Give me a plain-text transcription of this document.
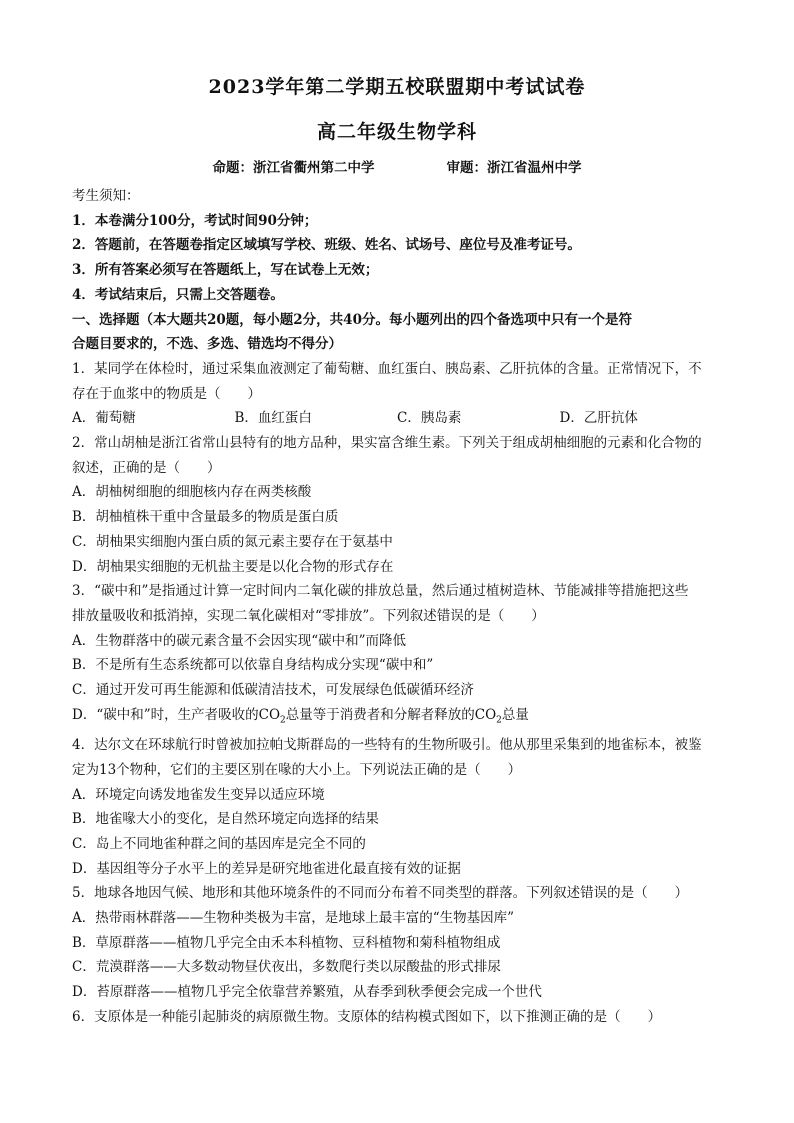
2023学年第二学期五校联盟期中考试试卷
高二年级生物学科
命题：浙江省衢州第二中学	审题：浙江省温州中学
考生须知：
1．本卷满分100分，考试时间90分钟；
2．答题前，在答题卷指定区域填写学校、班级、姓名、试场号、座位号及准考证号。
3．所有答案必须写在答题纸上，写在试卷上无效；
4．考试结束后，只需上交答题卷。
一、选择题（本大题共20题，每小题2分，共40分。每小题列出的四个备选项中只有一个是符
合题目要求的，不选、多选、错选均不得分）
1．某同学在体检时，通过采集血液测定了葡萄糖、血红蛋白、胰岛素、乙肝抗体的含量。正常情况下，不
存在于血浆中的物质是（　　）
A．葡萄糖	B．血红蛋白	C．胰岛素	D．乙肝抗体
2．常山胡柚是浙江省常山县特有的地方品种，果实富含维生素。下列关于组成胡柚细胞的元素和化合物的
叙述，正确的是（　　）
A．胡柚树细胞的细胞核内存在两类核酸
B．胡柚植株干重中含量最多的物质是蛋白质
C．胡柚果实细胞内蛋白质的氮元素主要存在于氨基中
D．胡柚果实细胞的无机盐主要是以化合物的形式存在
3．“碳中和”是指通过计算一定时间内二氧化碳的排放总量，然后通过植树造林、节能减排等措施把这些
排放量吸收和抵消掉，实现二氧化碳相对“零排放”。下列叙述错误的是（　　）
A．生物群落中的碳元素含量不会因实现“碳中和”而降低
B．不是所有生态系统都可以依靠自身结构成分实现“碳中和”
C．通过开发可再生能源和低碳清洁技术，可发展绿色低碳循环经济
D．“碳中和”时，生产者吸收的$CO_2$总量等于消费者和分解者释放的$CO_2$总量
4．达尔文在环球航行时曾被加拉帕戈斯群岛的一些特有的生物所吸引。他从那里采集到的地雀标本，被鉴
定为13个物种，它们的主要区别在喙的大小上。下列说法正确的是（　　）
A．环境定向诱发地雀发生变异以适应环境
B．地雀喙大小的变化，是自然环境定向选择的结果
C．岛上不同地雀种群之间的基因库是完全不同的
D．基因组等分子水平上的差异是研究地雀进化最直接有效的证据
5．地球各地因气候、地形和其他环境条件的不同而分布着不同类型的群落。下列叙述错误的是（　　）
A．热带雨林群落——生物种类极为丰富，是地球上最丰富的“生物基因库”
B．草原群落——植物几乎完全由禾本科植物、豆科植物和菊科植物组成
C．荒漠群落——大多数动物昼伏夜出，多数爬行类以尿酸盐的形式排尿
D．苔原群落——植物几乎完全依靠营养繁殖，从春季到秋季便会完成一个世代
6．支原体是一种能引起肺炎的病原微生物。支原体的结构模式图如下，以下推测正确的是（　　）
